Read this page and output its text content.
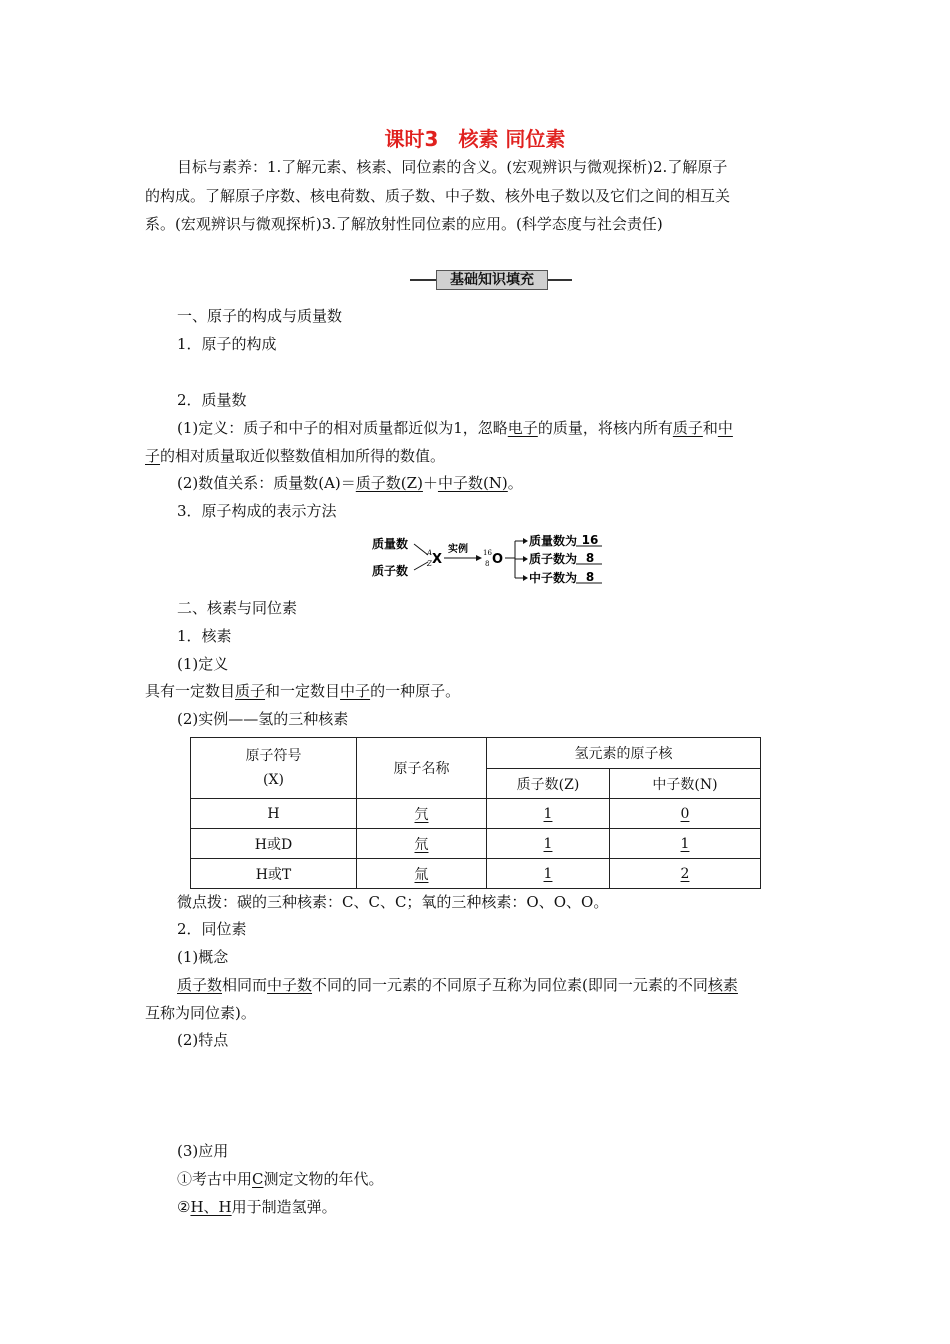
课时3　核素 同位素
目标与素养：1.了解元素、核素、同位素的含义。(宏观辨识与微观探析)2.了解原子
的构成。了解原子序数、核电荷数、质子数、中子数、核外电子数以及它们之间的相互关
系。(宏观辨识与微观探析)3.了解放射性同位素的应用。(科学态度与社会责任)
基础知识填充
一、原子的构成与质量数
1．原子的构成
2．质量数
(1)定义：质子和中子的相对质量都近似为1，忽略电子的质量，将核内所有质子和中
子的相对质量取近似整数值相加所得的数值。
(2)数值关系：质量数(A)＝质子数(Z)＋中子数(N)。
3．原子构成的表示方法
质量数
质子数
A
Z X
实例 16
8 O
质量数为 16
质子数为 8
中子数为 8
二、核素与同位素
1．核素
(1)定义
具有一定数目质子和一定数目中子的一种原子。
(2)实例——氢的三种核素
原子符号
(X)	原子名称	氢元素的原子核	
		质子数(Z)	中子数(N)
H	氕	1	0
H或D	氘	1	1
H或T	氚	1	2
微点拨：碳的三种核素：C、C、C；氧的三种核素：O、O、O。
2．同位素
(1)概念
质子数相同而中子数不同的同一元素的不同原子互称为同位素(即同一元素的不同核素
互称为同位素)。
(2)特点
(3)应用
①考古中用C测定文物的年代。
②H、H用于制造氢弹。
